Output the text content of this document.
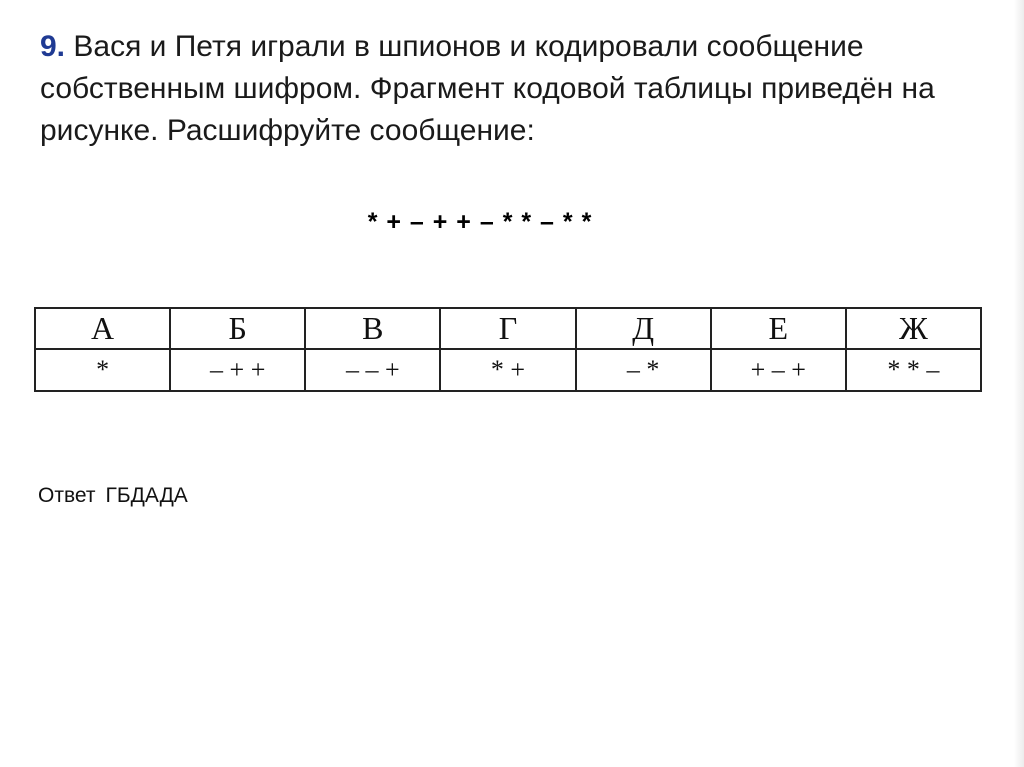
9. Вася и Петя играли в шпионов и кодировали сообщение собственным шифром. Фрагмент кодовой таблицы приведён на рисунке. Расшифруйте сообщение:
* + – + + – * * – * *
А	Б	В	Г	Д	Е	Ж
*	– + +	– – +	* +	– *	+ – +	* * –
Ответ ГБДАДА
